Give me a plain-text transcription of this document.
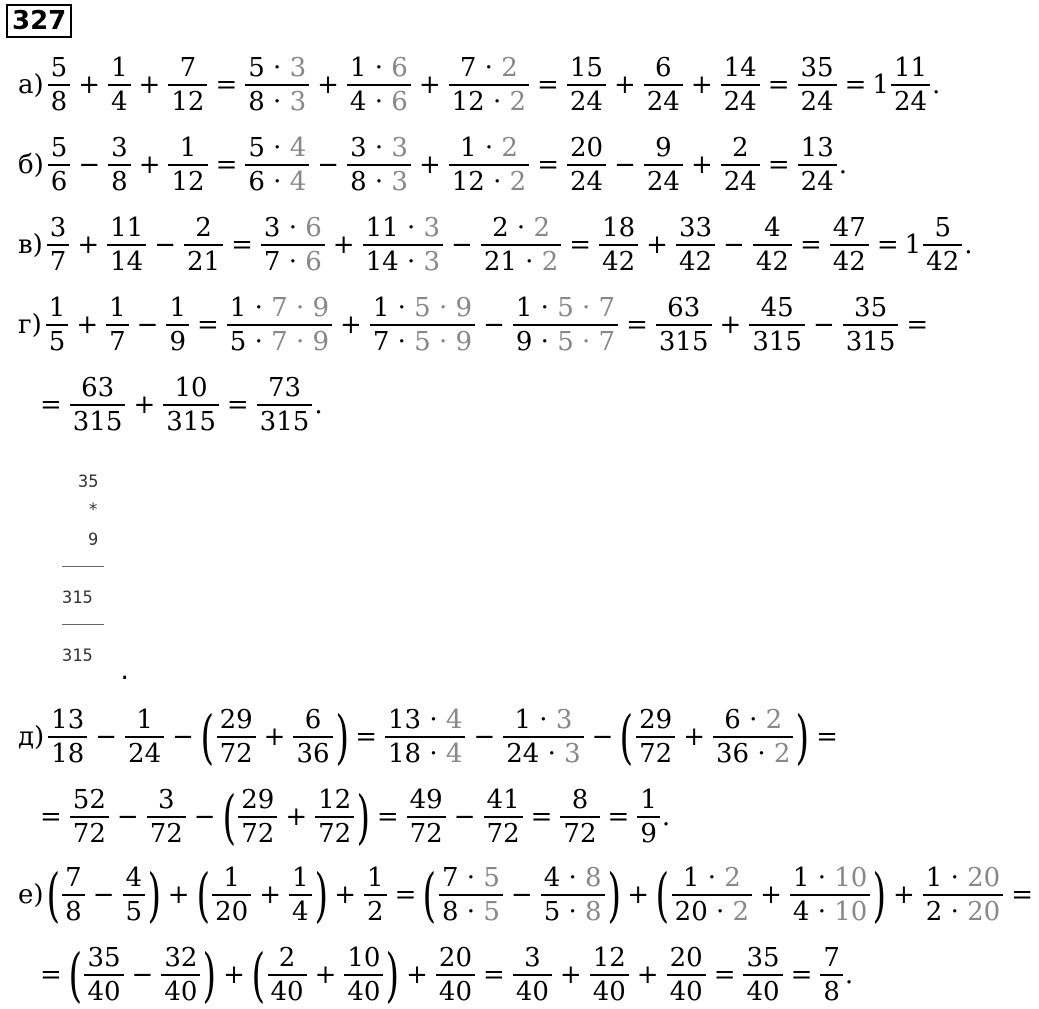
327
$а) \frac{5}{8} + \frac{1}{4} + \frac{7}{12} = \frac{5 \cdot 3}{8 \cdot 3} + \frac{1 \cdot 6}{4 \cdot 6} + \frac{7 \cdot 2}{12 \cdot 2} = \frac{15}{24} + \frac{6}{24} + \frac{14}{24} = \frac{35}{24} = 1 \frac{11}{24}$ .
$б) \frac{5}{6} - \frac{3}{8} + \frac{1}{12} = \frac{5 \cdot 4}{6 \cdot 4} - \frac{3 \cdot 3}{8 \cdot 3} + \frac{1 \cdot 2}{12 \cdot 2} = \frac{20}{24} - \frac{9}{24} + \frac{2}{24} = \frac{13}{24}$ .
$в) \frac{3}{7} + \frac{11}{14} - \frac{2}{21} = \frac{3 \cdot 6}{7 \cdot 6} + \frac{11 \cdot 3}{14 \cdot 3} - \frac{2 \cdot 2}{21 \cdot 2} = \frac{18}{42} + \frac{33}{42} - \frac{4}{42} = \frac{47}{42} = 1 \frac{5}{42}$ .
$г) \frac{1}{5} + \frac{1}{7} - \frac{1}{9} = \frac{1 \cdot 7 \cdot 9}{5 \cdot 7 \cdot 9} + \frac{1 \cdot 5 \cdot 9}{7 \cdot 5 \cdot 9} - \frac{1 \cdot 5 \cdot 7}{9 \cdot 5 \cdot 7} = \frac{63}{315} + \frac{45}{315} - \frac{35}{315}$ =
= $\frac{63}{315} + \frac{10}{315} = \frac{73}{315}$ .
35
*
9
315
315
.
$д) \frac{13}{18} - \frac{1}{24}$ − ( $\frac{29}{72} + \frac{6}{36}$ ) = $\frac{13 \cdot 4}{18 \cdot 4} - \frac{1 \cdot 3}{24 \cdot 3}$ − ( $\frac{29}{72} + \frac{6 \cdot 2}{36 \cdot 2}$ ) =
= $\frac{52}{72} - \frac{3}{72}$ − ( $\frac{29}{72} + \frac{12}{72}$ ) = $\frac{49}{72} - \frac{41}{72} = \frac{8}{72} = \frac{1}{9}$ .
е) ( $\frac{7}{8} - \frac{4}{5}$ ) + ( $\frac{1}{20} + \frac{1}{4}$ ) + $\frac{1}{2}$ = ( $\frac{7 \cdot 5}{8 \cdot 5} - \frac{4 \cdot 8}{5 \cdot 8}$ ) + ( $\frac{1 \cdot 2}{20 \cdot 2} + \frac{1 \cdot 10}{4 \cdot 10}$ ) + $\frac{1 \cdot 20}{2 \cdot 20}$ =
= ( $\frac{35}{40} - \frac{32}{40}$ ) + ( $\frac{2}{40} + \frac{10}{40}$ ) + $\frac{20}{40} = \frac{3}{40} + \frac{12}{40} + \frac{20}{40} = \frac{35}{40} = \frac{7}{8}$ .
